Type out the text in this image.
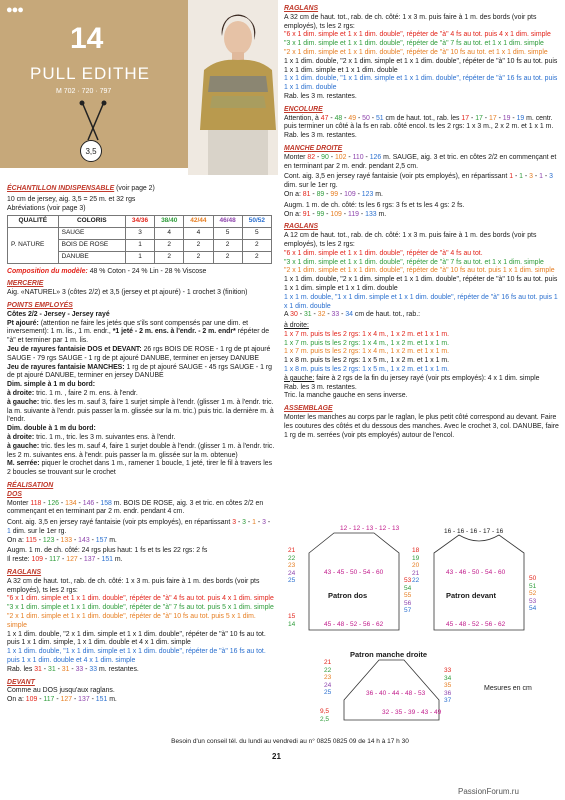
●●●
14
PULL EDITHE
M 702 · 720 · 797
3,5
ÉCHANTILLON INDISPENSABLE (voir page 2)
10 cm de jersey, aig. 3,5 = 25 m. et 32 rgs
Abréviations (voir page 3)
QUALITÉ	COLORIS	34/36	38/40	42/44	46/48	50/52
P. NATURE	SAUGE	3	4	4	5	5
	BOIS DE ROSE	1	2	2	2	2
	DANUBE	1	2	2	2	2
Composition du modèle: 48 % Coton - 24 % Lin - 28 % Viscose
MERCERIE
Aig. «NATUREL» 3 (côtes 2/2) et 3,5 (jersey et pt ajouré) - 1 crochet 3 (finition)
POINTS EMPLOYÉS
Côtes 2/2 - Jersey - Jersey rayé
Pt ajouré: (attention ne faire les jetés que s'ils sont compensés par une dim. et inversement): 1 m. lis., 1 m. endr., *1 jeté - 2 m. ens. à l'endr. - 2 m. endr* répéter de "à" et terminer par 1 m. lis.
Jeu de rayures fantaisie DOS et DEVANT: 26 rgs BOIS DE ROSE - 1 rg de pt ajouré SAUGE - 79 rgs SAUGE - 1 rg de pt ajouré DANUBE, terminer en jersey DANUBE
Jeu de rayures fantaisie MANCHES: 1 rg de pt ajouré SAUGE - 45 rgs SAUGE - 1 rg de pt ajouré DANUBE, terminer en jersey DANUBE
Dim. simple à 1 m du bord:
à droite: tric. 1 m. , faire 2 m. ens. à l'endr.
à gauche: tric. tles les m. sauf 3, faire 1 surjet simple à l'endr. (glisser 1 m. à l'endr. tric. la m. suivante à l'endr. puis passer la m. glissée sur la m. tric.) puis tric. la dernière m. à l'endr.
Dim. double à 1 m du bord:
à droite: tric. 1 m., tric. les 3 m. suivantes ens. à l'endr.
à gauche: tric. tles les m. sauf 4, faire 1 surjet double à l'endr. (glisser 1 m. à l'endr. tric. les 2 m. suivantes ens. à l'endr. puis passer la m. glissée sur la m. obtenue)
M. serrée: piquer le crochet dans 1 m., ramener 1 boucle, 1 jeté, tirer le fil à travers les 2 boucles se trouvant sur le crochet
RÉALISATION
DOS
Monter 118 - 126 - 134 - 146 - 158 m. BOIS DE ROSE, aig. 3 et tric. en côtes 2/2 en commençant et en terminant par 2 m. endr. pendant 4 cm.
Cont. aig. 3,5 en jersey rayé fantaisie (voir pts employés), en répartissant 3 - 3 - 1 - 3 - 1 dim. sur le 1er rg.
On a: 115 - 123 - 133 - 143 - 157 m.
Augm. 1 m. de ch. côté: 24 rgs plus haut: 1 fs et ts les 22 rgs: 2 fs
Il reste: 109 - 117 - 127 - 137 - 151 m.
RAGLANS
A 32 cm de haut. tot., rab. de ch. côté: 1 x 3 m. puis faire à 1 m. des bords (voir pts employés), ts les 2 rgs:
"6 x 1 dim. simple et 1 x 1 dim. double", répéter de "à" 4 fs au tot. puis 4 x 1 dim. simple
"3 x 1 dim. simple et 1 x 1 dim. double", répéter de "à" 7 fs au tot. puis 5 x 1 dim. simple
"2 x 1 dim. simple et 1 x 1 dim. double", répéter de "à" 10 fs au tot. puis 5 x 1 dim. simple
1 x 1 dim. double, "2 x 1 dim. simple et 1 x 1 dim. double", répéter de "à" 10 fs au tot. puis 1 x 1 dim. simple, 1 x 1 dim. double et 4 x 1 dim. simple
1 x 1 dim. double, "1 x 1 dim. simple et 1 x 1 dim. double", répéter de "à" 16 fs au tot. puis 1 x 1 dim. double et 4 x 1 dim. simple
Rab. les 31 - 31 - 31 - 33 - 33 m. restantes.
DEVANT
Comme au DOS jusqu'aux raglans.
On a: 109 - 117 - 127 - 137 - 151 m.
RAGLANS
A 32 cm de haut. tot., rab. de ch. côté: 1 x 3 m. puis faire à 1 m. des bords (voir pts employés), ts les 2 rgs:
"6 x 1 dim. simple et 1 x 1 dim. double", répéter de "à" 4 fs au tot. puis 4 x 1 dim. simple
"3 x 1 dim. simple et 1 x 1 dim. double", répéter de "à" 7 fs au tot. et 1 x 1 dim. simple
"2 x 1 dim. simple et 1 x 1 dim. double", répéter de "à" 10 fs au tot. et 1 x 1 dim. simple
1 x 1 dim. double, "2 x 1 dim. simple et 1 x 1 dim. double", répéter de "à" 10 fs au tot. puis 1 x 1 dim. simple et 1 x 1 dim. double
1 x 1 dim. double, "1 x 1 dim. simple et 1 x 1 dim. double", répéter de "à" 16 fs au tot. puis 1 x 1 dim. double
Rab. les 3 m. restantes.
ENCOLURE
Attention, à 47 - 48 - 49 - 50 - 51 cm de haut. tot., rab. les 17 - 17 - 17 - 19 - 19 m. centr. puis terminer un côté à la fs en rab. côté encol. ts les 2 rgs: 1 x 3 m., 2 x 2 m. et 1 x 1 m.
Rab. les 3 m. restantes.
MANCHE DROITE
Monter 82 - 90 - 102 - 110 - 126 m. SAUGE, aig. 3 et tric. en côtes 2/2 en commençant et en terminant par 2 m. endr. pendant 2,5 cm.
Cont. aig. 3,5 en jersey rayé fantaisie (voir pts employés), en répartissant 1 - 1 - 3 - 1 - 3 dim. sur le 1er rg.
On a: 81 - 89 - 99 - 109 - 123 m.
Augm. 1 m. de ch. côté: ts les 6 rgs: 3 fs et ts les 4 gs: 2 fs.
On a: 91 - 99 - 109 - 119 - 133 m.
RAGLANS
A 12 cm de haut. tot., rab. de ch. côté: 1 x 3 m. puis faire à 1 m. des bords (voir pts employés), ts les 2 rgs:
"6 x 1 dim. simple et 1 x 1 dim. double", répéter de "à" 4 fs au tot.
"3 x 1 dim. simple et 1 x 1 dim. double", répéter de "à" 7 fs au tot. et 1 x 1 dim. simple
"2 x 1 dim. simple et 1 x 1 dim. double", répéter de "à" 10 fs au tot. puis 1 x 1 dim. simple
1 x 1 dim. double, "2 x 1 dim. simple et 1 x 1 dim. double", répéter de "à" 10 fs au tot. puis 1 x 1 dim. simple et 1 x 1 dim. double
1 x 1 m. double, "1 x 1 dim. simple et 1 x 1 dim. double", répéter de "à" 16 fs au tot. puis 1 x 1 dim. double
A 30 - 31 - 32 - 33 - 34 cm de haut. tot., rab.:
à droite:
1 x 7 m. puis ts les 2 rgs: 1 x 4 m., 1 x 2 m. et 1 x 1 m.
1 x 7 m. puis ts les 2 rgs: 1 x 4 m., 1 x 2 m. et 1 x 1 m.
1 x 7 m. puis ts les 2 rgs: 1 x 4 m., 1 x 2 m. et 1 x 1 m.
1 x 8 m. puis ts les 2 rgs: 1 x 5 m., 1 x 2 m. et 1 x 1 m.
1 x 8 m. puis ts les 2 rgs: 1 x 5 m., 1 x 2 m. et 1 x 1 m.
à gauche: faire à 2 rgs de la fin du jersey rayé (voir pts employés): 4 x 1 dim. simple
Rab. les 3 m. restantes.
Tric. la manche gauche en sens inverse.
ASSEMBLAGE
Monter les manches au corps par le raglan, le plus petit côté correspond au devant. Faire les coutures des côtés et du dessous des manches. Avec le crochet 3, col. DANUBE, faire 1 rg de m. serrées (voir pts employés) autour de l'encol.
Patron dos	Patron devant
Patron manche droite
Mesures en cm
12 - 12 - 13 - 12 - 13
43 - 45 - 50 - 54 - 60
45 - 48 - 52 - 56 - 62
16 - 16 - 16 - 17 - 16
43 - 46 - 50 - 54 - 60
45 - 48 - 52 - 56 - 62
32 - 35 - 39 - 43 - 49
36 - 40 - 44 - 48 - 53
21
22
23
24
25
15
14
53
54
55
56
57
18
19
20
21
22	50
51
52
53
54
21
22
23
24
25
9,5
2,5
33
34
35
36
37
Besoin d'un conseil tél. du lundi au vendredi au n° 0825 0825 09 de 14 h à 17 h 30
21
PassionForum.ru
